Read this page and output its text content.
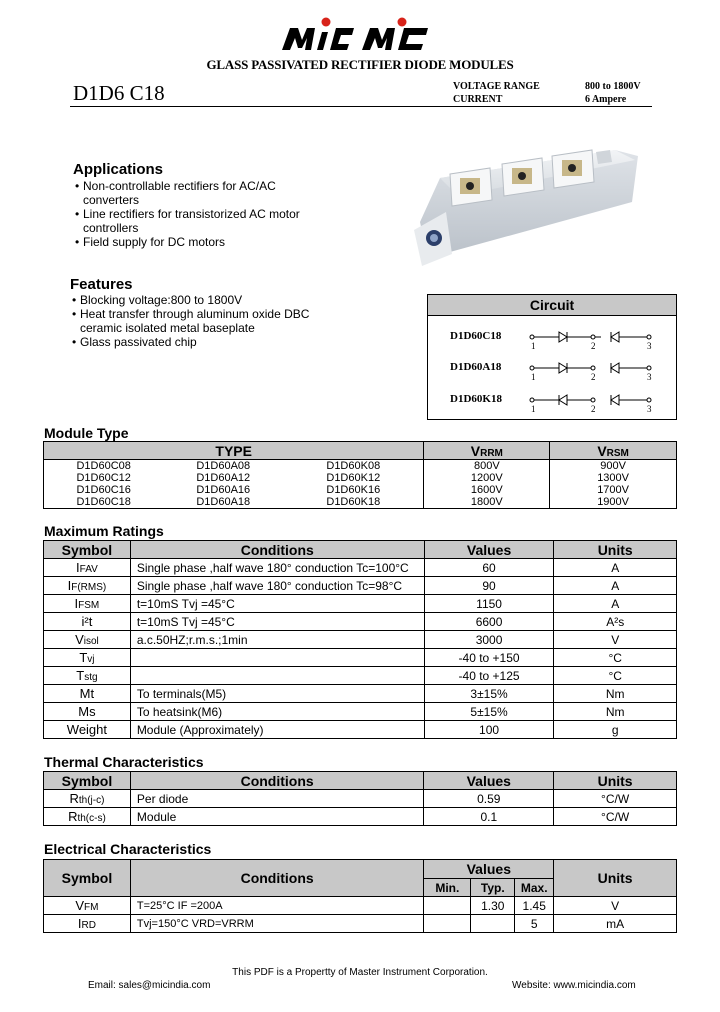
GLASS PASSIVATED RECTIFIER DIODE MODULES
D1D6 C18	VOLTAGE RANGE	800 to 1800V
CURRENT	6 Ampere
Applications
• Non-controllable rectifiers for AC/AC
converters
• Line rectifiers for transistorized AC motor
controllers
• Field supply for DC motors
Features
• Blocking voltage:800 to 1800V
• Heat transfer through aluminum oxide DBC
ceramic isolated metal baseplate
• Glass passivated chip
Circuit
D1D60C18
D1D60A18
D1D60K18
1	2	3
1	2	3
1	2	3
Module Type
TYPE			VRRM	VRSM
D1D60C08	D1D60A08	D1D60K08	800V	900V
D1D60C12	D1D60A12	D1D60K12	1200V	1300V
D1D60C16	D1D60A16	D1D60K16	1600V	1700V
D1D60C18	D1D60A18	D1D60K18	1800V	1900V
Maximum Ratings
Symbol	Conditions	Values	Units
IFAV	Single phase ,half wave 180° conduction Tc=100°C	60	A
IF(RMS)	Single phase ,half wave 180° conduction Tc=98°C	90	A
IFSM	t=10mS Tvj =45°C	1150	A
i²t	t=10mS Tvj =45°C	6600	A²s
Visol	a.c.50HZ;r.m.s.;1min	3000	V
Tvj		-40 to +150	°C
Tstg		-40 to +125	°C
Mt	To terminals(M5)	3±15%	Nm
Ms	To heatsink(M6)	5±15%	Nm
Weight	Module (Approximately)	100	g
Thermal Characteristics
Symbol	Conditions	Values	Units
Rth(j-c)	Per diode	0.59	°C/W
Rth(c-s)	Module	0.1	°C/W
Electrical Characteristics
Symbol	Conditions	Values			Units
		Min.	Typ.	Max.	
VFM	T=25°C IF =200A		1.30	1.45	V
IRD	Tvj=150°C VRD=VRRM			5	mA
This PDF is a Propertty of Master Instrument Corporation.
Email: sales@micindia.com	Website: www.micindia.com
